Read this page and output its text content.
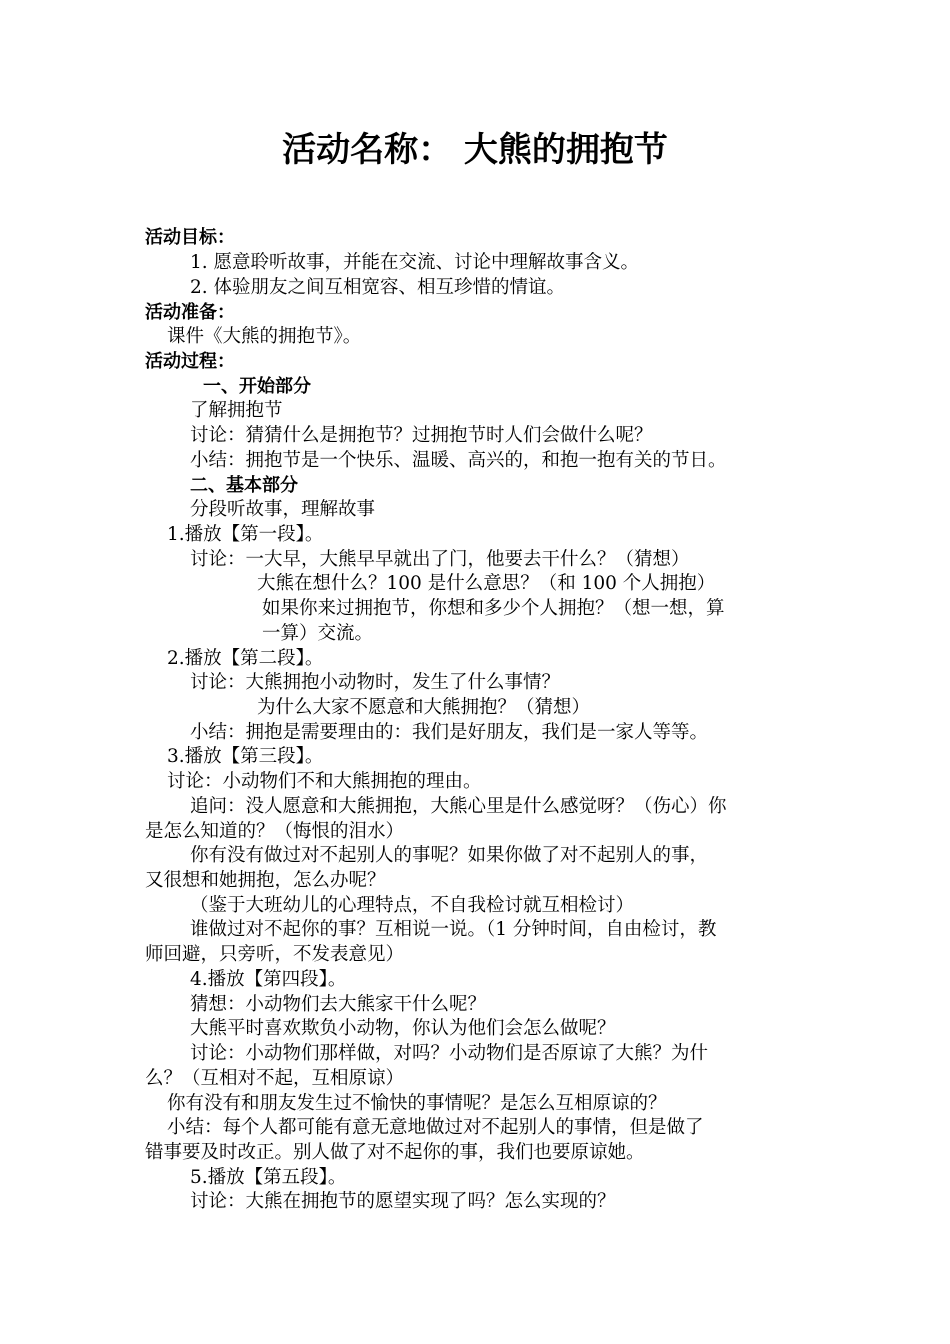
活动名称： 大熊的拥抱节
活动目标：
1. 愿意聆听故事，并能在交流、讨论中理解故事含义。
2. 体验朋友之间互相宽容、相互珍惜的情谊。
活动准备：
课件《大熊的拥抱节》。
活动过程：
一、开始部分
了解拥抱节
讨论：猜猜什么是拥抱节？过拥抱节时人们会做什么呢？
小结：拥抱节是一个快乐、温暖、高兴的，和抱一抱有关的节日。
二、基本部分
分段听故事，理解故事
1.播放【第一段】。
讨论：一大早，大熊早早就出了门，他要去干什么？（猜想）
大熊在想什么？100 是什么意思？（和 100 个人拥抱）
如果你来过拥抱节，你想和多少个人拥抱？（想一想，算
一算）交流。
2.播放【第二段】。
讨论：大熊拥抱小动物时，发生了什么事情？
为什么大家不愿意和大熊拥抱？（猜想）
小结：拥抱是需要理由的：我们是好朋友，我们是一家人等等。
3.播放【第三段】。
讨论：小动物们不和大熊拥抱的理由。
追问：没人愿意和大熊拥抱，大熊心里是什么感觉呀？（伤心）你
是怎么知道的？（悔恨的泪水）
你有没有做过对不起别人的事呢？如果你做了对不起别人的事，
又很想和她拥抱，怎么办呢？
（鉴于大班幼儿的心理特点，不自我检讨就互相检讨）
谁做过对不起你的事？互相说一说。（1 分钟时间，自由检讨，教
师回避，只旁听，不发表意见）
4.播放【第四段】。
猜想：小动物们去大熊家干什么呢？
大熊平时喜欢欺负小动物，你认为他们会怎么做呢？
讨论：小动物们那样做，对吗？小动物们是否原谅了大熊？为什
么？（互相对不起，互相原谅）
你有没有和朋友发生过不愉快的事情呢？是怎么互相原谅的？
小结：每个人都可能有意无意地做过对不起别人的事情，但是做了
错事要及时改正。别人做了对不起你的事，我们也要原谅她。
5.播放【第五段】。
讨论：大熊在拥抱节的愿望实现了吗？怎么实现的？
